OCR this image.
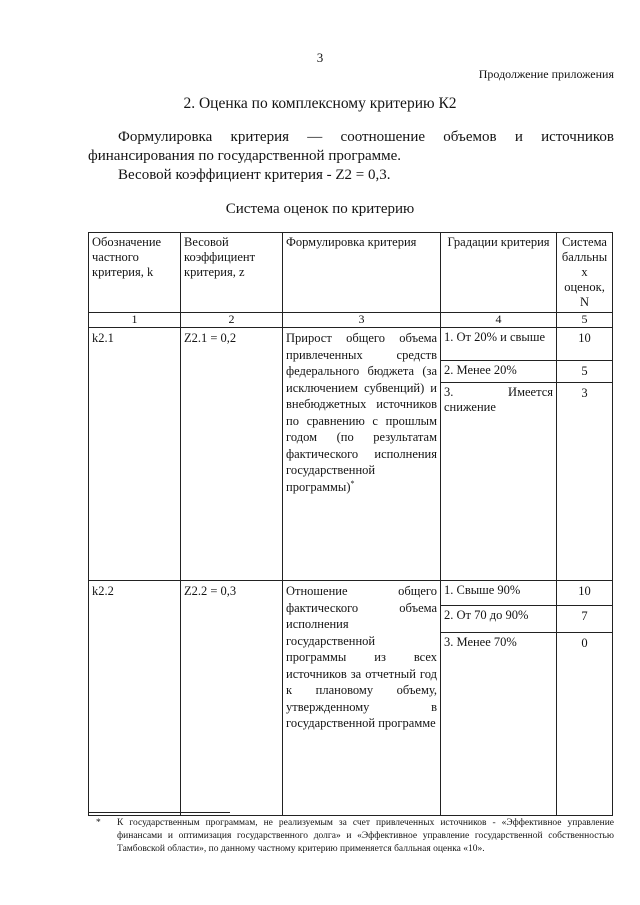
3
Продолжение приложения
2. Оценка по комплексному критерию К2
Формулировка критерия — соотношение объемов и источников финансирования по государственной программе.
Весовой коэффициент критерия - Z2 = 0,3.
Система оценок по критерию
Обозначение частного критерия, k	Весовой коэффициент критерия, z	Формулировка критерия	Градации критерия	Система балльных оценок, N
1	2	3	4	5
k2.1	Z2.1 = 0,2	Прирост общего объема привлеченных средств федерального бюджета (за исключением субвенций) и внебюджетных источников по сравнению с прошлым годом (по результатам фактического исполнения государственной программы)*	1. От 20% и свыше	10
			2. Менее 20%	5
			3. Имеется снижение	3
k2.2	Z2.2 = 0,3	Отношение общего фактического объема исполнения государственной программы из всех источников за отчетный год к плановому объему, утвержденному в государственной программе	1. Свыше 90%	10
			2. От 70 до 90%	7
			3. Менее 70%	0
*	К государственным программам, не реализуемым за счет привлеченных источников - «Эффективное управление финансами и оптимизация государственного долга» и «Эффективное управление государственной собственностью Тамбовской области», по данному частному критерию применяется балльная оценка «10».
